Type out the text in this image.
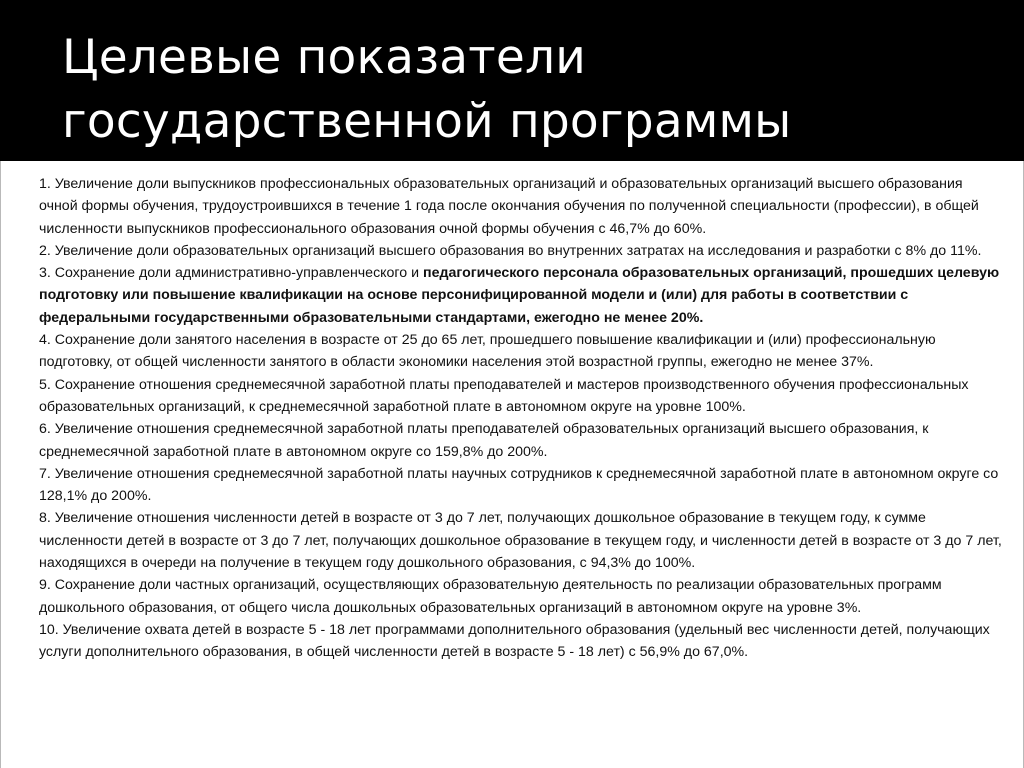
Целевые показатели
государственной программы

1. Увеличение доли выпускников профессиональных образовательных организаций и образовательных организаций высшего образования очной формы обучения, трудоустроившихся в течение 1 года после окончания обучения по полученной специальности (профессии), в общей численности выпускников профессионального образования очной формы обучения с 46,7% до 60%.

2. Увеличение доли образовательных организаций высшего образования во внутренних затратах на исследования и разработки с 8% до 11%.

3. Сохранение доли административно-управленческого и педагогического персонала образовательных организаций, прошедших целевую подготовку или повышение квалификации на основе персонифицированной модели и (или) для работы в соответствии с федеральными государственными образовательными стандартами, ежегодно не менее 20%.

4. Сохранение доли занятого населения в возрасте от 25 до 65 лет, прошедшего повышение квалификации и (или) профессиональную подготовку, от общей численности занятого в области экономики населения этой возрастной группы, ежегодно не менее 37%.

5. Сохранение отношения среднемесячной заработной платы преподавателей и мастеров производственного обучения профессиональных образовательных организаций, к среднемесячной заработной плате в автономном округе на уровне 100%.

6. Увеличение отношения среднемесячной заработной платы преподавателей образовательных организаций высшего образования, к среднемесячной заработной плате в автономном округе со 159,8% до 200%.

7. Увеличение отношения среднемесячной заработной платы научных сотрудников к среднемесячной заработной плате в автономном округе со 128,1% до 200%.

8. Увеличение отношения численности детей в возрасте от 3 до 7 лет, получающих дошкольное образование в текущем году, к сумме численности детей в возрасте от 3 до 7 лет, получающих дошкольное образование в текущем году, и численности детей в возрасте от 3 до 7 лет, находящихся в очереди на получение в текущем году дошкольного образования, с 94,3% до 100%.

9. Сохранение доли частных организаций, осуществляющих образовательную деятельность по реализации образовательных программ дошкольного образования, от общего числа дошкольных образовательных организаций в автономном округе на уровне 3%.

10. Увеличение охвата детей в возрасте 5 - 18 лет программами дополнительного образования (удельный вес численности детей, получающих услуги дополнительного образования, в общей численности детей в возрасте 5 - 18 лет) с 56,9% до 67,0%.
